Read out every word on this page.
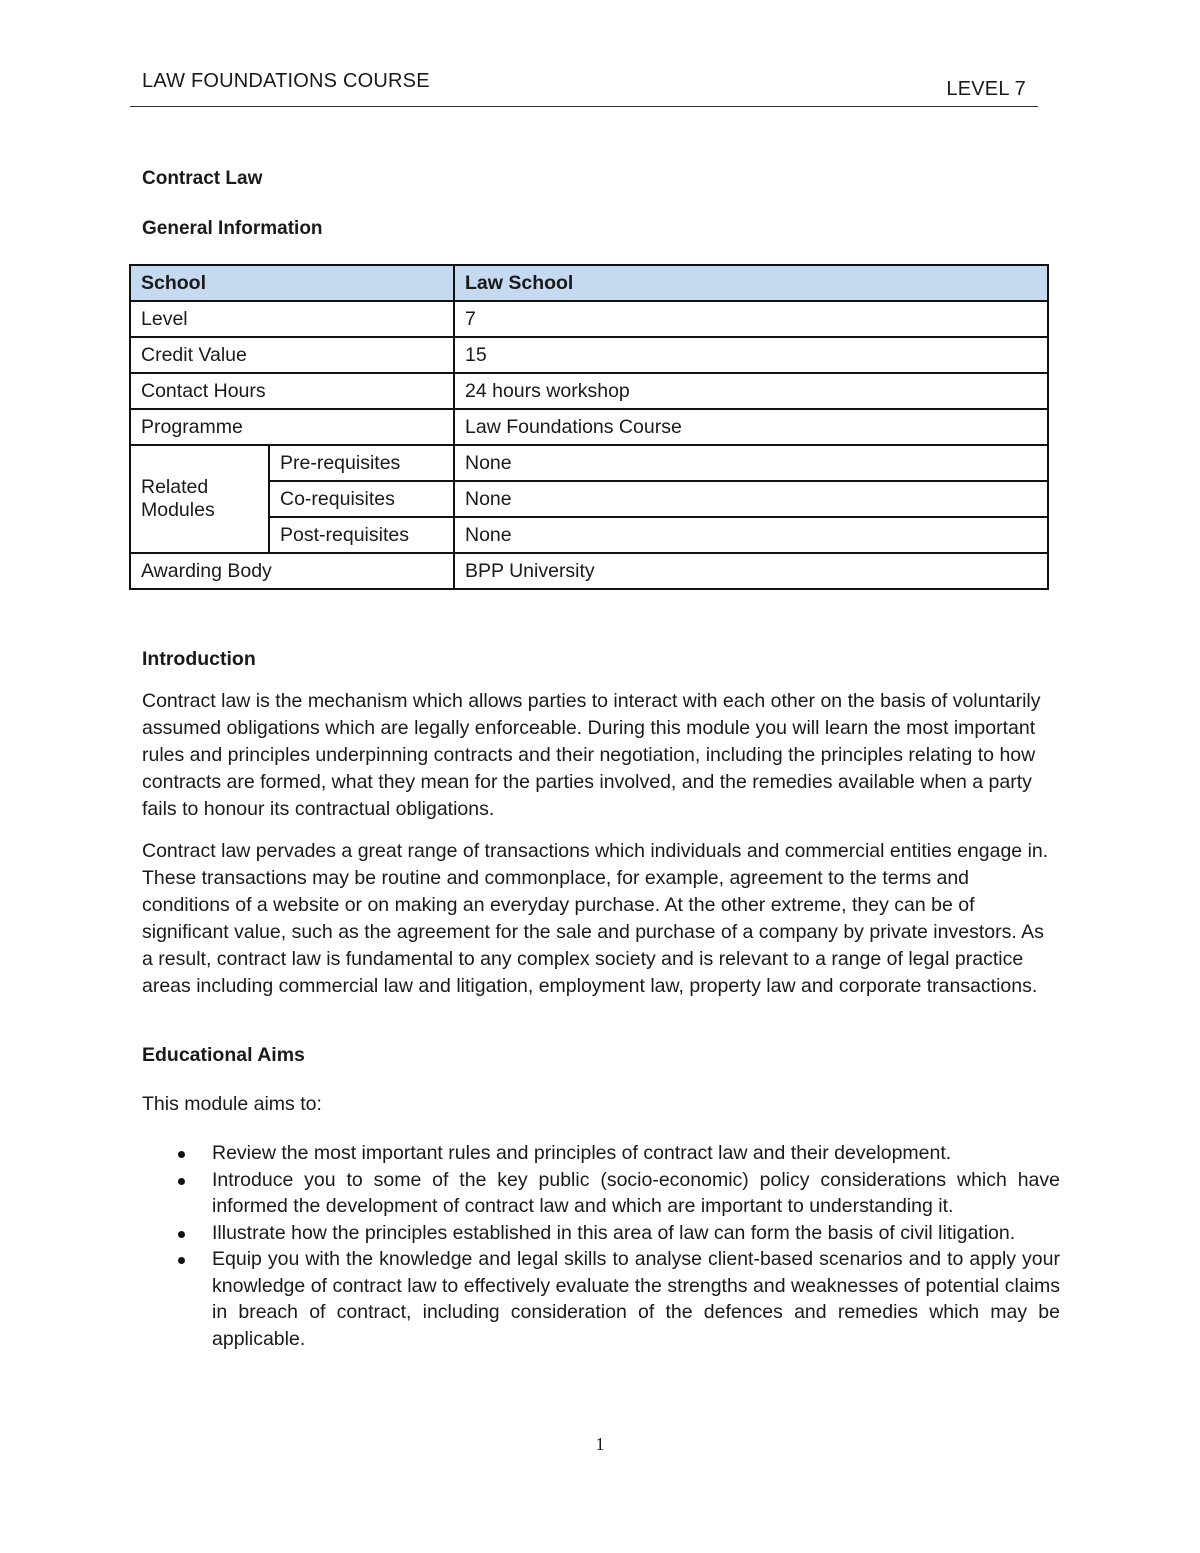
LAW FOUNDATIONS COURSE	LEVEL 7

Contract Law

General Information

School		Law School
Level		7
Credit Value		15
Contact Hours		24 hours workshop
Programme		Law Foundations Course

Related
Modules	Pre-requisites	None
	Co-requisites	None
	Post-requisites	None
Awarding Body		BPP University

Introduction

Contract law is the mechanism which allows parties to interact with each other on the basis of voluntarily assumed obligations which are legally enforceable. During this module you will learn the most important rules and principles underpinning contracts and their negotiation, including the principles relating to how contracts are formed, what they mean for the parties involved, and the remedies available when a party fails to honour its contractual obligations.

Contract law pervades a great range of transactions which individuals and commercial entities engage in. These transactions may be routine and commonplace, for example, agreement to the terms and conditions of a website or on making an everyday purchase. At the other extreme, they can be of significant value, such as the agreement for the sale and purchase of a company by private investors. As a result, contract law is fundamental to any complex society and is relevant to a range of legal practice areas including commercial law and litigation, employment law, property law and corporate transactions.

Educational Aims

This module aims to:

Review the most important rules and principles of contract law and their development.
Introduce you to some of the key public (socio-economic) policy considerations which have informed the development of contract law and which are important to understanding it.
Illustrate how the principles established in this area of law can form the basis of civil litigation.
Equip you with the knowledge and legal skills to analyse client-based scenarios and to apply your knowledge of contract law to effectively evaluate the strengths and weaknesses of potential claims in breach of contract, including consideration of the defences and remedies which may be applicable.
1
